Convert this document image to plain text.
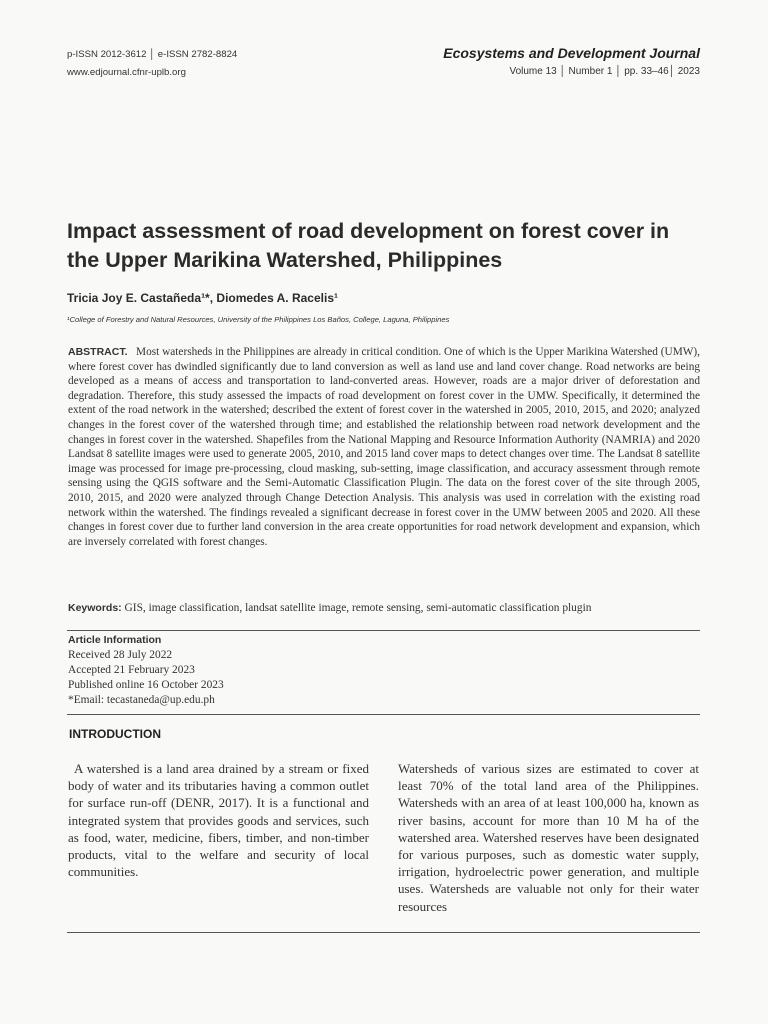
p-ISSN 2012-3612 │ e-ISSN 2782-8824
www.edjournal.cfnr-uplb.org
Ecosystems and Development Journal
Volume 13 │ Number 1 │ pp. 33–46│ 2023
Impact assessment of road development on forest cover in the Upper Marikina Watershed, Philippines
Tricia Joy E. Castañeda¹*, Diomedes A. Racelis¹
¹College of Forestry and Natural Resources, University of the Philippines Los Baños, College, Laguna, Philippines
ABSTRACT. Most watersheds in the Philippines are already in critical condition. One of which is the Upper Marikina Watershed (UMW), where forest cover has dwindled significantly due to land conversion as well as land use and land cover change. Road networks are being developed as a means of access and transportation to land-converted areas. However, roads are a major driver of deforestation and degradation. Therefore, this study assessed the impacts of road development on forest cover in the UMW. Specifically, it determined the extent of the road network in the watershed; described the extent of forest cover in the watershed in 2005, 2010, 2015, and 2020; analyzed changes in the forest cover of the watershed through time; and established the relationship between road network development and the changes in forest cover in the watershed. Shapefiles from the National Mapping and Resource Information Authority (NAMRIA) and 2020 Landsat 8 satellite images were used to generate 2005, 2010, and 2015 land cover maps to detect changes over time. The Landsat 8 satellite image was processed for image pre-processing, cloud masking, sub-setting, image classification, and accuracy assessment through remote sensing using the QGIS software and the Semi-Automatic Classification Plugin. The data on the forest cover of the site through 2005, 2010, 2015, and 2020 were analyzed through Change Detection Analysis. This analysis was used in correlation with the existing road network within the watershed. The findings revealed a significant decrease in forest cover in the UMW between 2005 and 2020. All these changes in forest cover due to further land conversion in the area create opportunities for road network development and expansion, which are inversely correlated with forest changes.
Keywords: GIS, image classification, landsat satellite image, remote sensing, semi-automatic classification plugin
Article Information
Received 28 July 2022
Accepted 21 February 2023
Published online 16 October 2023
*Email: tecastaneda@up.edu.ph
INTRODUCTION
A watershed is a land area drained by a stream or fixed body of water and its tributaries having a common outlet for surface run-off (DENR, 2017). It is a functional and integrated system that provides goods and services, such as food, water, medicine, fibers, timber, and non-timber products, vital to the welfare and security of local communities.
Watersheds of various sizes are estimated to cover at least 70% of the total land area of the Philippines. Watersheds with an area of at least 100,000 ha, known as river basins, account for more than 10 M ha of the watershed area. Watershed reserves have been designated for various purposes, such as domestic water supply, irrigation, hydroelectric power generation, and multiple uses. Watersheds are valuable not only for their water resources
